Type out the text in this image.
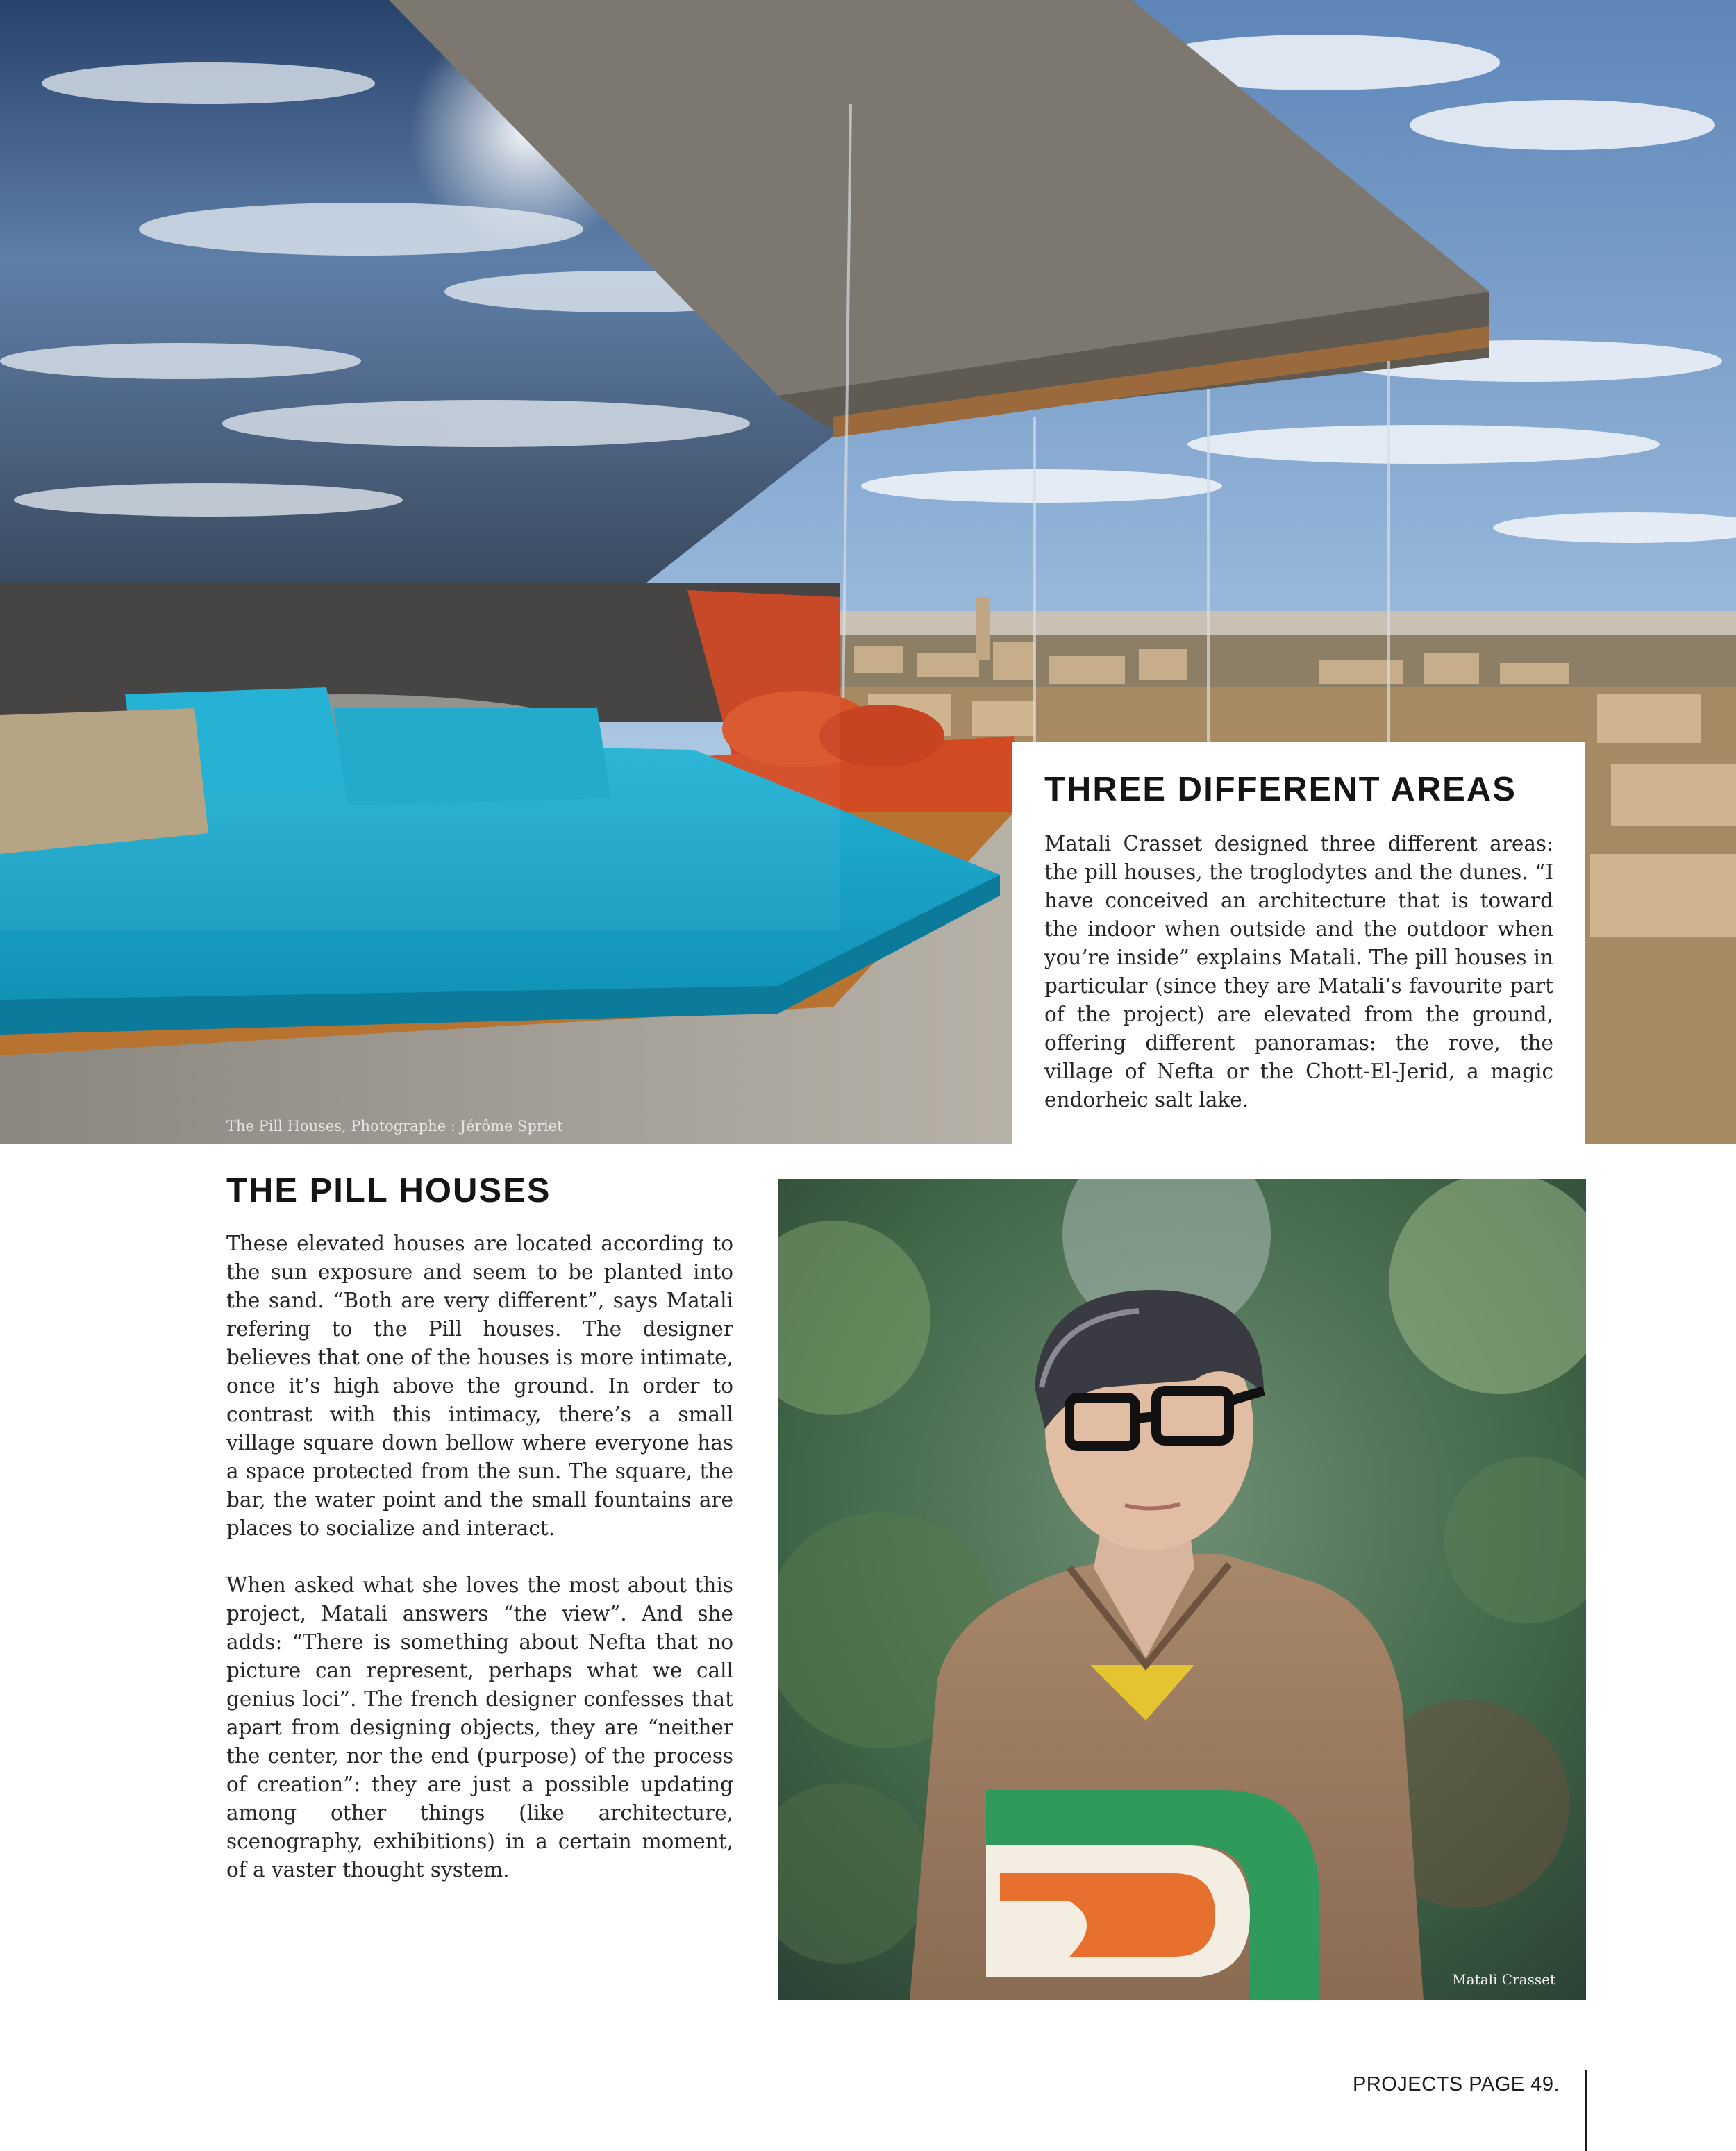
The Pill Houses, Photographe : Jérôme Spriet
THREE DIFFERENT AREAS

Matali Crasset designed three different areas: the pill houses, the troglodytes and the dunes. “I have conceived an architecture that is toward the indoor when outside and the outdoor when you’re inside” explains Matali. The pill houses in particular (since they are Matali’s favourite part of the project) are elevated from the ground, offering different panoramas: the rove, the village of Nefta or the Chott-El-Jerid, a magic endorheic salt lake.

THE PILL HOUSES

These elevated houses are located according to the sun exposure and seem to be planted into the sand. “Both are very different”, says Matali refering to the Pill houses. The designer believes that one of the houses is more intimate, once it’s high above the ground. In order to contrast with this intimacy, there’s a small village square down bellow where everyone has a space protected from the sun. The square, the bar, the water point and the small fountains are places to socialize and interact.

When asked what she loves the most about this project, Matali answers “the view”. And she adds: “There is something about Nefta that no picture can represent, perhaps what we call genius loci”. The french designer confesses that apart from designing objects, they are “neither the center, nor the end (purpose) of the process of creation”: they are just a possible updating among other things (like architecture, scenography, exhibitions) in a certain moment, of a vaster thought system.

Matali Crasset
PROJECTS PAGE 49.
